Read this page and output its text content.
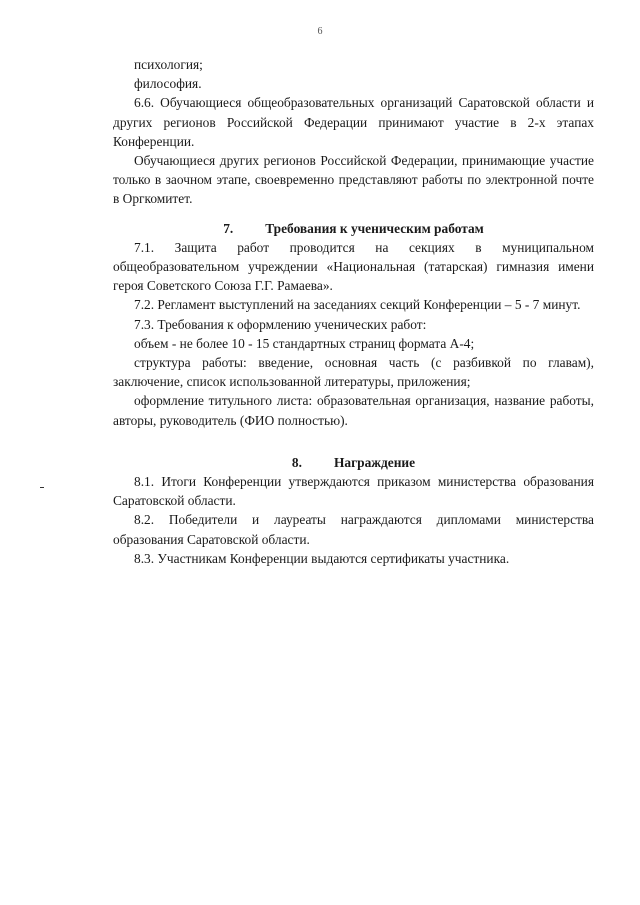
6

психология;

философия.

6.6. Обучающиеся общеобразовательных организаций Саратовской области и других регионов Российской Федерации принимают участие в 2-х этапах Конференции.

Обучающиеся других регионов Российской Федерации, принимающие участие только в заочном этапе, своевременно представляют работы по электронной почте в Оргкомитет.

7. Требования к ученическим работам

7.1. Защита работ проводится на секциях в муниципальном общеобразовательном учреждении «Национальная (татарская) гимназия имени героя Советского Союза Г.Г. Рамаева».

7.2. Регламент выступлений на заседаниях секций Конференции – 5 - 7 минут.

7.3. Требования к оформлению ученических работ:

объем - не более 10 - 15 стандартных страниц формата А-4;

структура работы: введение, основная часть (с разбивкой по главам), заключение, список использованной литературы, приложения;

оформление титульного листа: образовательная организация, название работы, авторы, руководитель (ФИО полностью).

8. Награждение

8.1. Итоги Конференции утверждаются приказом министерства образования Саратовской области.

8.2. Победители и лауреаты награждаются дипломами министерства образования Саратовской области.

8.3. Участникам Конференции выдаются сертификаты участника.
